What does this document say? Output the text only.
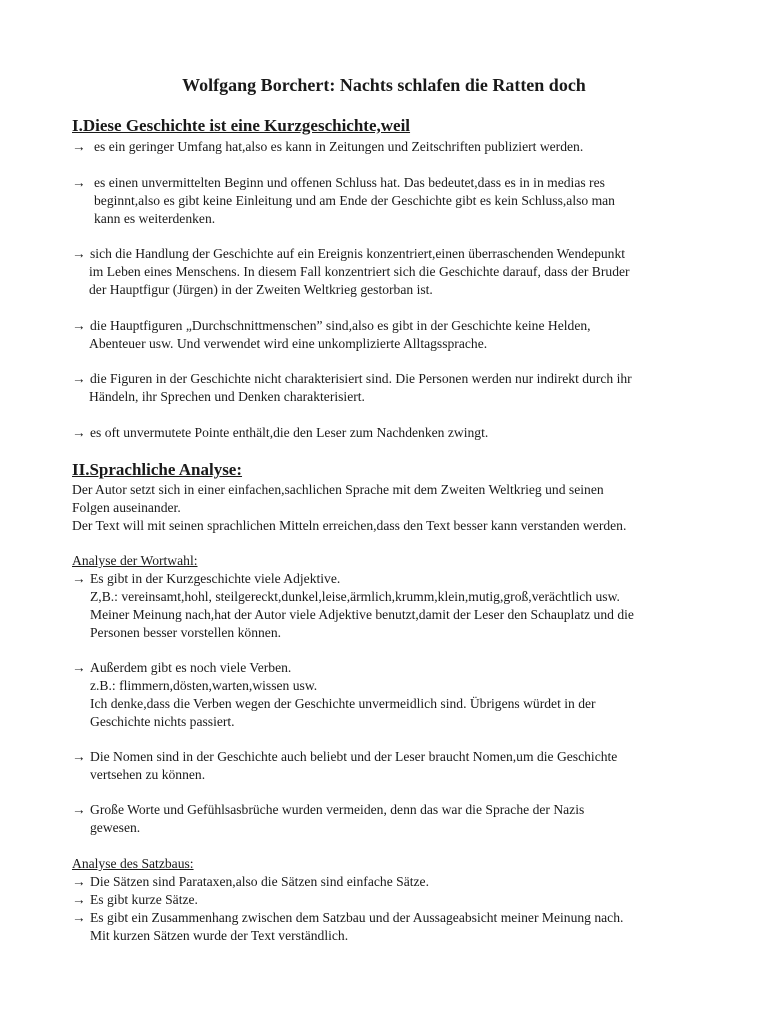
Wolfgang Borchert: Nachts schlafen die Ratten doch
I.Diese Geschichte ist eine Kurzgeschichte,weil
→ es ein geringer Umfang hat,also es kann in Zeitungen und Zeitschriften publiziert werden.
→ es einen unvermittelten Beginn und offenen Schluss hat. Das bedeutet,dass es in in medias res
beginnt,also es gibt keine Einleitung und am Ende der Geschichte gibt es kein Schluss,also man
kann es weiterdenken.
→ sich die Handlung der Geschichte auf ein Ereignis konzentriert,einen überraschenden Wendepunkt
im Leben eines Menschens. In diesem Fall konzentriert sich die Geschichte darauf, dass der Bruder
der Hauptfigur (Jürgen) in der Zweiten Weltkrieg gestorban ist.
→ die Hauptfiguren „Durchschnittmenschen” sind,also es gibt in der Geschichte keine Helden,
Abenteuer usw. Und verwendet wird eine unkomplizierte Alltagssprache.
→ die Figuren in der Geschichte nicht charakterisiert sind. Die Personen werden nur indirekt durch ihr
Händeln, ihr Sprechen und Denken charakterisiert.
→ es oft unvermutete Pointe enthält,die den Leser zum Nachdenken zwingt.
II.Sprachliche Analyse:

Der Autor setzt sich in einer einfachen,sachlichen Sprache mit dem Zweiten Weltkrieg und seinen

Folgen auseinander.

Der Text will mit seinen sprachlichen Mitteln erreichen,dass den Text besser kann verstanden werden.

Analyse der Wortwahl:
→ Es gibt in der Kurzgeschichte viele Adjektive.
Z,B.: vereinsamt,hohl, steilgereckt,dunkel,leise,ärmlich,krumm,klein,mutig,groß,verächtlich usw.
Meiner Meinung nach,hat der Autor viele Adjektive benutzt,damit der Leser den Schauplatz und die
Personen besser vorstellen können.
→ Außerdem gibt es noch viele Verben.
z.B.: flimmern,dösten,warten,wissen usw.
Ich denke,dass die Verben wegen der Geschichte unvermeidlich sind. Übrigens würdet in der
Geschichte nichts passiert.
→ Die Nomen sind in der Geschichte auch beliebt und der Leser braucht Nomen,um die Geschichte
vertsehen zu können.
→ Große Worte und Gefühlsasbrüche wurden vermeiden, denn das war die Sprache der Nazis
gewesen.
Analyse des Satzbaus:
→ Die Sätzen sind Parataxen,also die Sätzen sind einfache Sätze.
→ Es gibt kurze Sätze.
→ Es gibt ein Zusammenhang zwischen dem Satzbau und der Aussageabsicht meiner Meinung nach.
Mit kurzen Sätzen wurde der Text verständlich.
